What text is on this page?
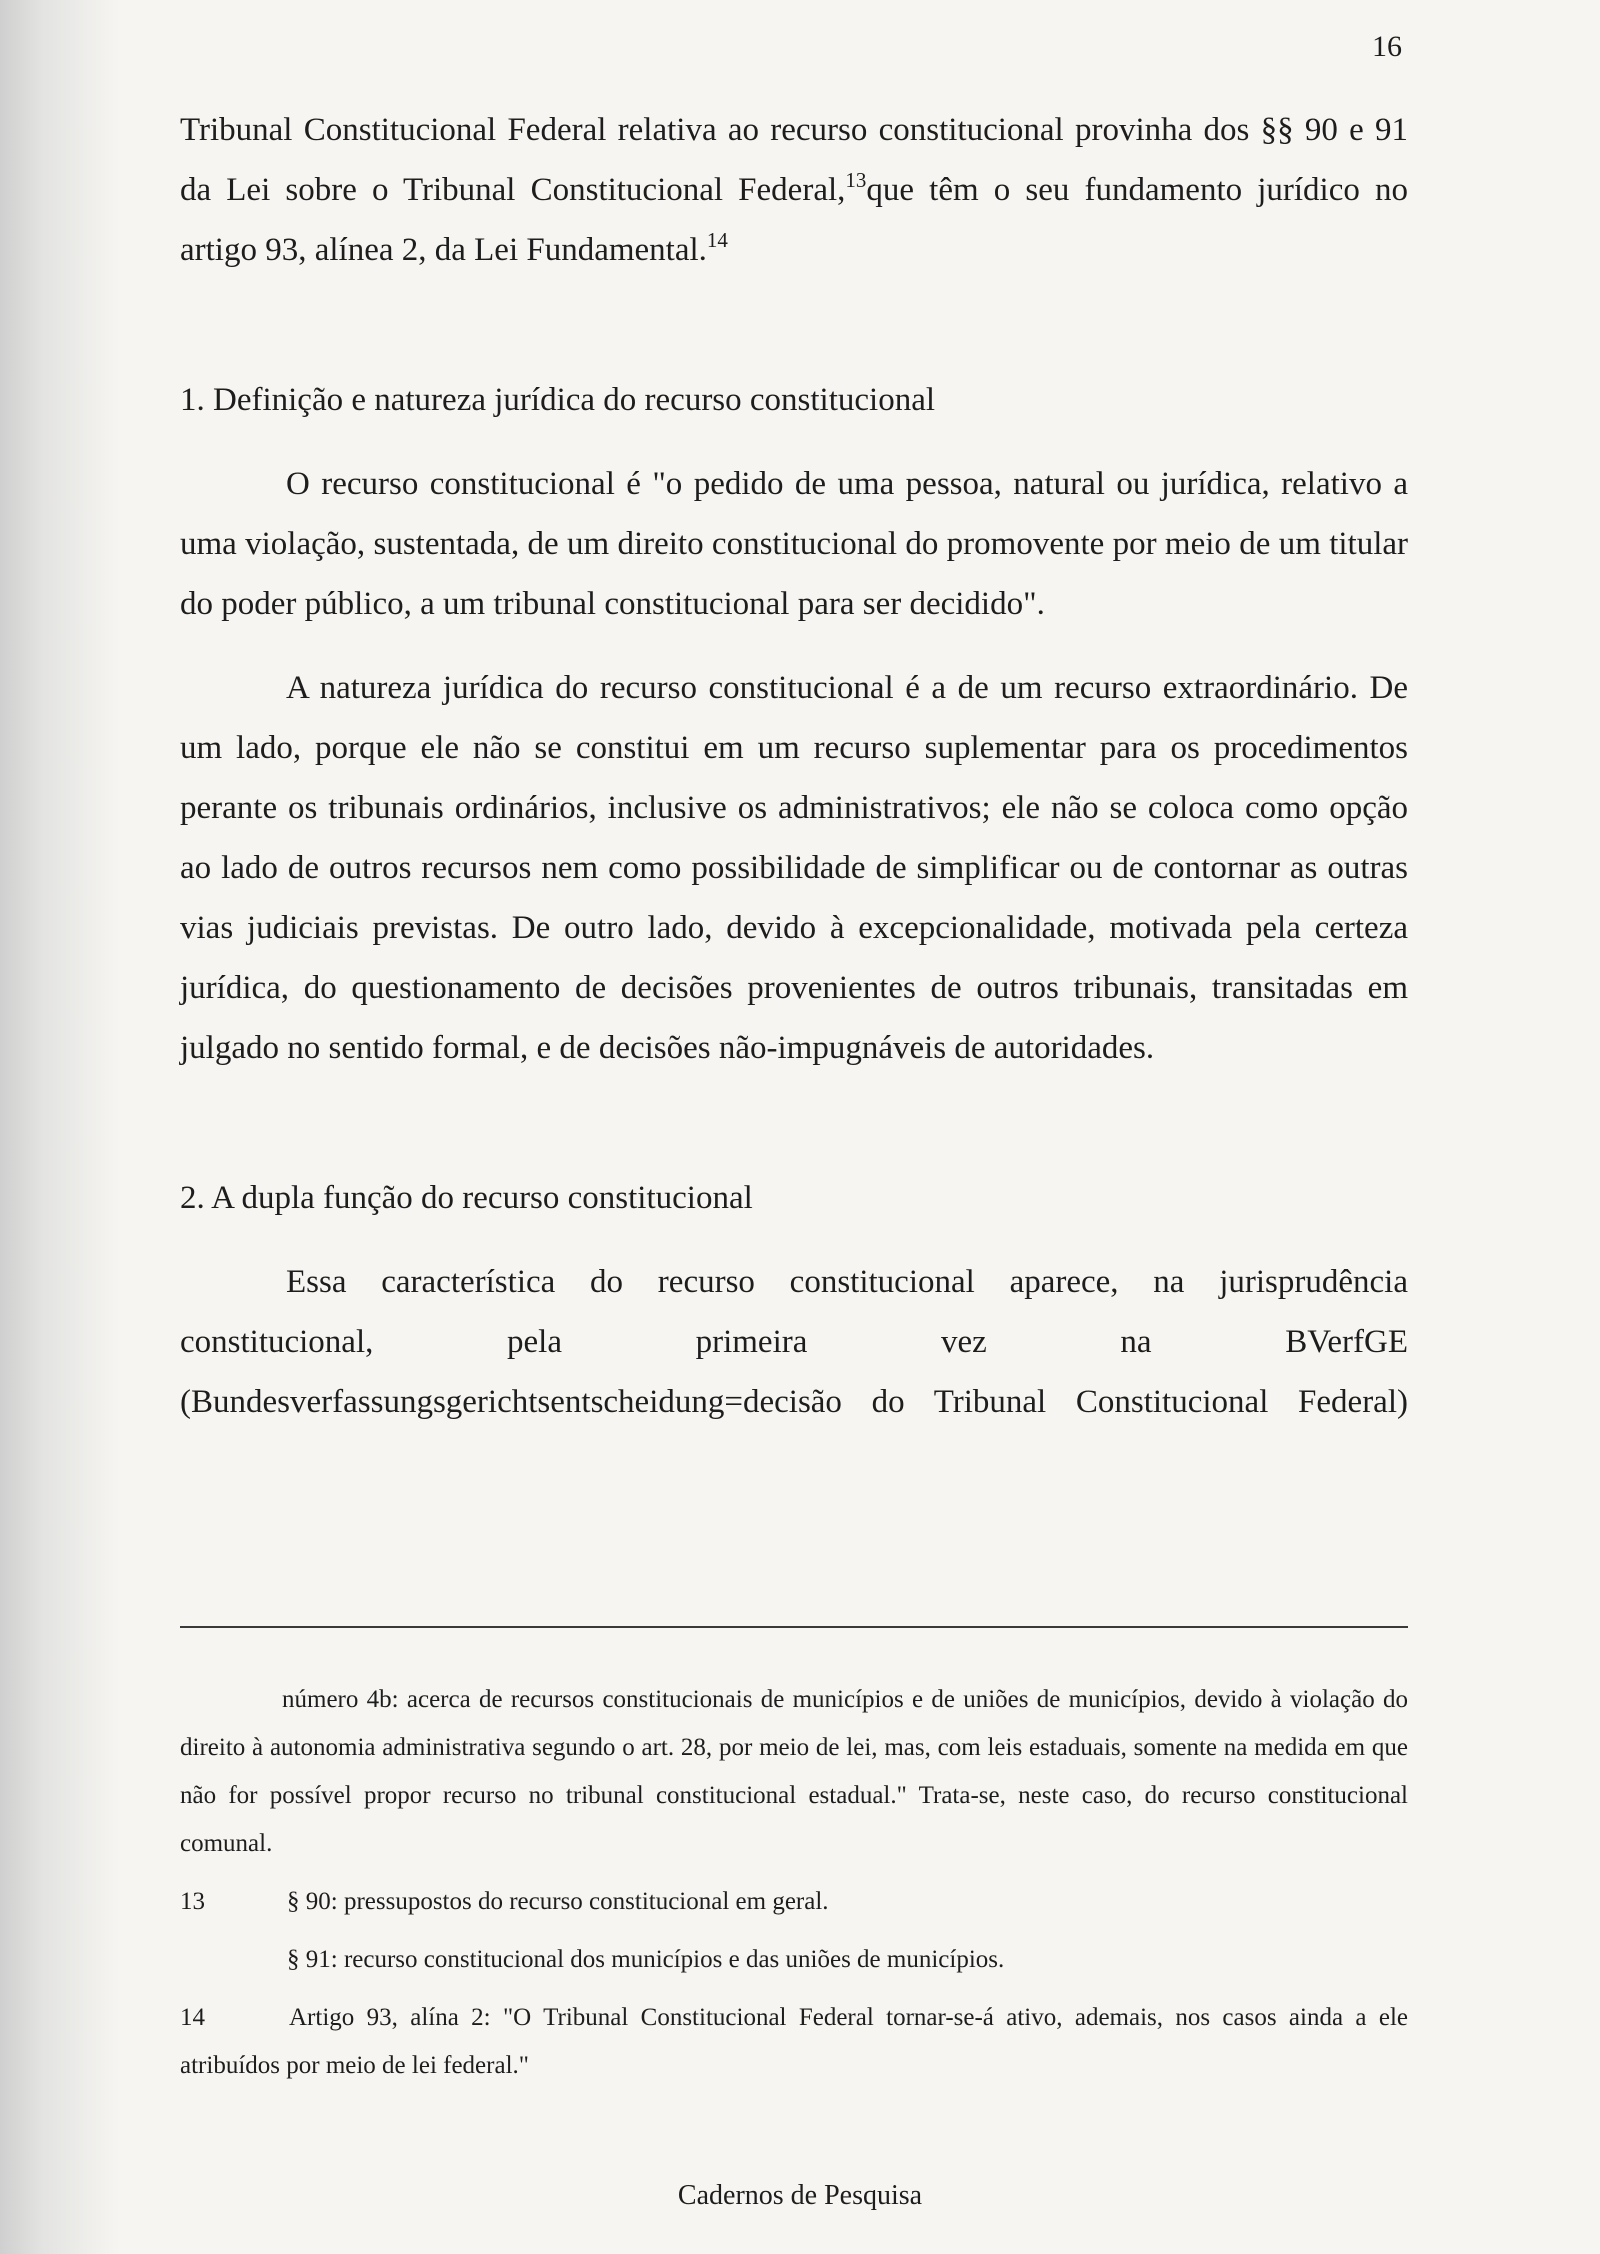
16

Tribunal Constitucional Federal relativa ao recurso constitucional provinha dos §§ 90 e 91 da Lei sobre o Tribunal Constitucional Federal,$^{13}$que têm o seu fundamento jurídico no artigo 93, alínea 2, da Lei Fundamental.$^{14}$

1. Definição e natureza jurídica do recurso constitucional

O recurso constitucional é "o pedido de uma pessoa, natural ou jurídica, relativo a uma violação, sustentada, de um direito constitucional do promovente por meio de um titular do poder público, a um tribunal constitucional para ser decidido".

A natureza jurídica do recurso constitucional é a de um recurso extraordinário. De um lado, porque ele não se constitui em um recurso suplementar para os procedimentos perante os tribunais ordinários, inclusive os administrativos; ele não se coloca como opção ao lado de outros recursos nem como possibilidade de simplificar ou de contornar as outras vias judiciais previstas. De outro lado, devido à excepcionalidade, motivada pela certeza jurídica, do questionamento de decisões provenientes de outros tribunais, transitadas em julgado no sentido formal, e de decisões não-impugnáveis de autoridades.

2. A dupla função do recurso constitucional

Essa característica do recurso constitucional aparece, na jurisprudência constitucional, pela primeira vez na BVerfGE (Bundesverfassungsgerichtsentscheidung=decisão do Tribunal Constitucional Federal)

número 4b: acerca de recursos constitucionais de municípios e de uniões de municípios, devido à violação do direito à autonomia administrativa segundo o art. 28, por meio de lei, mas, com leis estaduais, somente na medida em que não for possível propor recurso no tribunal constitucional estadual." Trata-se, neste caso, do recurso constitucional comunal.

13	§ 90: pressupostos do recurso constitucional em geral.
§ 91: recurso constitucional dos municípios e das uniões de municípios.

14	Artigo 93, alína 2: "O Tribunal Constitucional Federal tornar-se-á ativo, ademais, nos casos ainda a ele atribuídos por meio de lei federal."

Cadernos de Pesquisa
